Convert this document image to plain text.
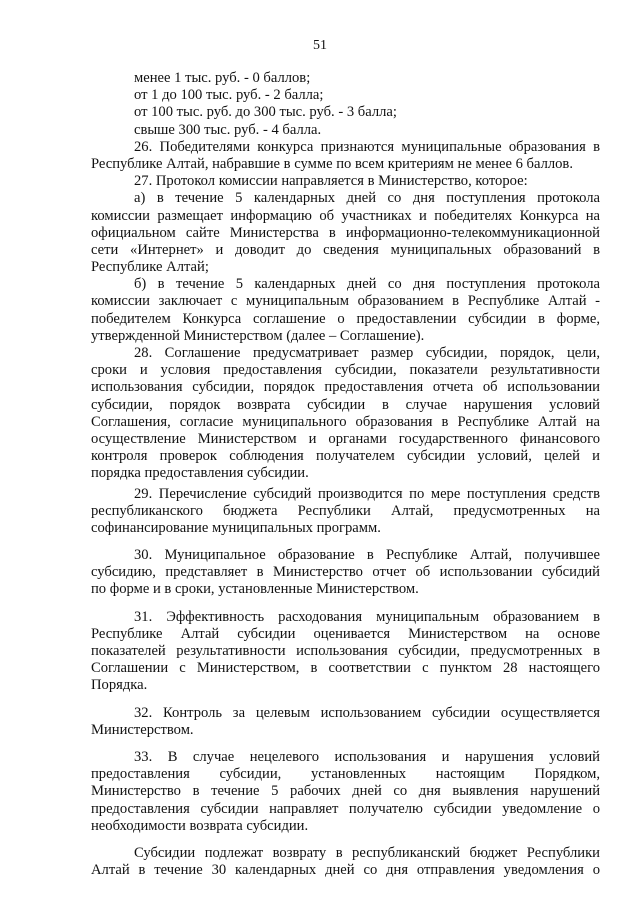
51
менее 1 тыс. руб. - 0 баллов;
от 1 до 100 тыс. руб. - 2 балла;
от 100 тыс. руб. до 300 тыс. руб. - 3 балла;
свыше 300 тыс. руб. - 4 балла.
26. Победителями конкурса признаются муниципальные образования в
Республике Алтай, набравшие в сумме по всем критериям не менее 6 баллов.
27. Протокол комиссии направляется в Министерство, которое:
а) в течение 5 календарных дней со дня поступления протокола
комиссии размещает информацию об участниках и победителях Конкурса на
официальном сайте Министерства в информационно-телекоммуникационной
сети «Интернет» и доводит до сведения муниципальных образований в
Республике Алтай;
б) в течение 5 календарных дней со дня поступления протокола
комиссии заключает с муниципальным образованием в Республике Алтай -
победителем Конкурса соглашение о предоставлении субсидии в форме,
утвержденной Министерством (далее – Соглашение).
28. Соглашение предусматривает размер субсидии, порядок, цели,
сроки и условия предоставления субсидии, показатели результативности
использования субсидии, порядок предоставления отчета об использовании
субсидии, порядок возврата субсидии в случае нарушения условий
Соглашения, согласие муниципального образования в Республике Алтай на
осуществление Министерством и органами государственного финансового
контроля проверок соблюдения получателем субсидии условий, целей и
порядка предоставления субсидии.
29. Перечисление субсидий производится по мере поступления средств
республиканского бюджета Республики Алтай, предусмотренных на
софинансирование муниципальных программ.
30. Муниципальное образование в Республике Алтай, получившее
субсидию, представляет в Министерство отчет об использовании субсидий
по форме и в сроки, установленные Министерством.
31. Эффективность расходования муниципальным образованием в
Республике Алтай субсидии оценивается Министерством на основе
показателей результативности использования субсидии, предусмотренных в
Соглашении с Министерством, в соответствии с пунктом 28 настоящего
Порядка.
32. Контроль за целевым использованием субсидии осуществляется
Министерством.
33. В случае нецелевого использования и нарушения условий
предоставления субсидии, установленных настоящим Порядком,
Министерство в течение 5 рабочих дней со дня выявления нарушений
предоставления субсидии направляет получателю субсидии уведомление о
необходимости возврата субсидии.
Субсидии подлежат возврату в республиканский бюджет Республики
Алтай в течение 30 календарных дней со дня отправления уведомления о
